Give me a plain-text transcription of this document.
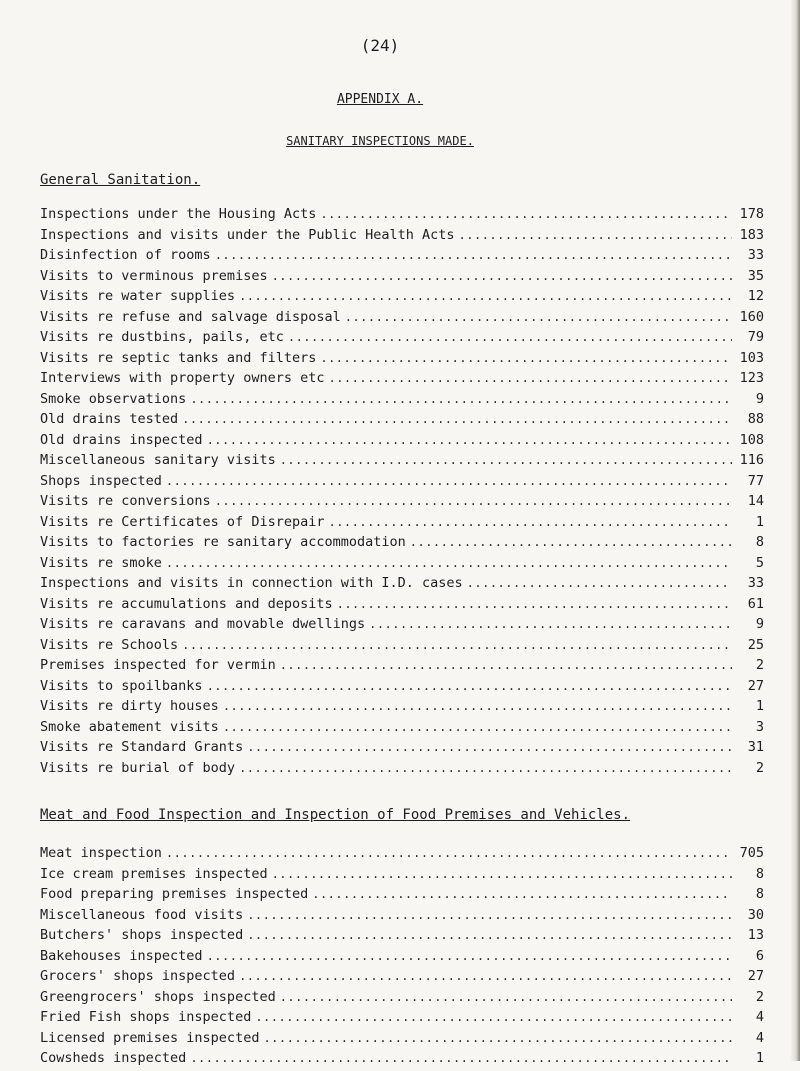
(24)
APPENDIX A.
SANITARY INSPECTIONS MADE.
General Sanitation.
Inspections under the Housing Acts .....	178
Inspections and visits under the Public Health Acts .....	183
Disinfection of rooms .....	33
Visits to verminous premises .....	35
Visits re water supplies .....	12
Visits re refuse and salvage disposal .....	160
Visits re dustbins, pails, etc .....	79
Visits re septic tanks and filters .....	103
Interviews with property owners etc .....	123
Smoke observations .....	9
Old drains tested .....	88
Old drains inspected .....	108
Miscellaneous sanitary visits .....	116
Shops inspected .....	77
Visits re conversions .....	14
Visits re Certificates of Disrepair .....	1
Visits to factories re sanitary accommodation .....	8
Visits re smoke .....	5
Inspections and visits in connection with I.D. cases .....	33
Visits re accumulations and deposits .....	61
Visits re caravans and movable dwellings .....	9
Visits re Schools .....	25
Premises inspected for vermin .....	2
Visits to spoilbanks .....	27
Visits re dirty houses .....	1
Smoke abatement visits .....	3
Visits re Standard Grants .....	31
Visits re burial of body .....	2
Meat and Food Inspection and Inspection of Food Premises and Vehicles.
Meat inspection .....	705
Ice cream premises inspected .....	8
Food preparing premises inspected .....	8
Miscellaneous food visits .....	30
Butchers' shops inspected .....	13
Bakehouses inspected .....	6
Grocers' shops inspected .....	27
Greengrocers' shops inspected .....	2
Fried Fish shops inspected .....	4
Licensed premises inspected .....	4
Cowsheds inspected .....	1
